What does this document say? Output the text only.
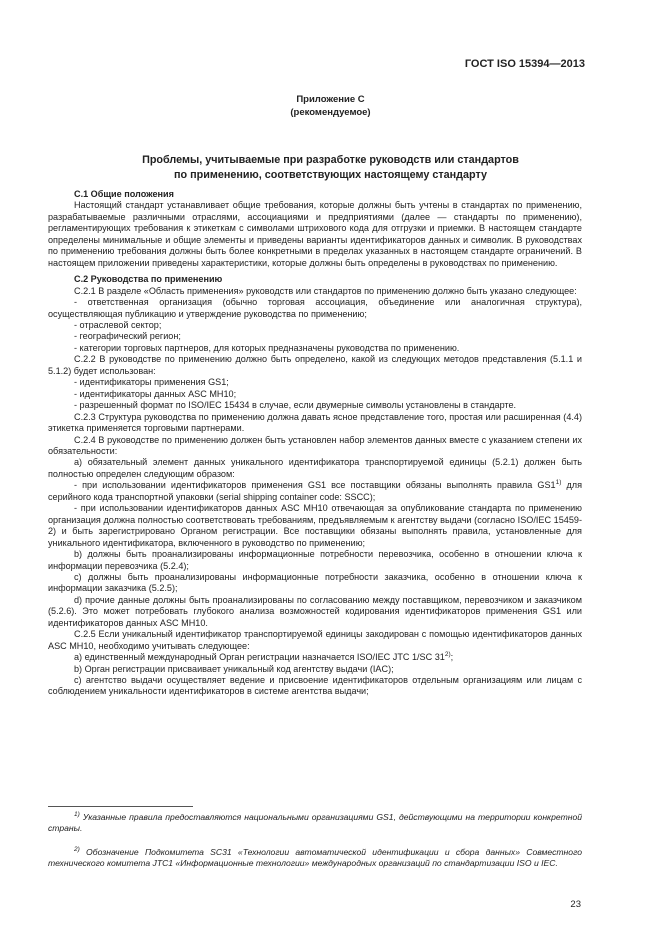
ГОСТ ISO 15394—2013
Приложение С
(рекомендуемое)
Проблемы, учитываемые при разработке руководств или стандартов
по применению, соответствующих настоящему стандарту

С.1 Общие положения

Настоящий стандарт устанавливает общие требования, которые должны быть учтены в стандартах по применению, разрабатываемые различными отраслями, ассоциациями и предприятиями (далее — стандарты по применению), регламентирующих требования к этикеткам с символами штрихового кода для отгрузки и приемки. В настоящем стандарте определены минимальные и общие элементы и приведены варианты идентификаторов данных и символик. В руководствах по применению требования должны быть более конкретными в пределах указанных в настоящем стандарте ограничений. В настоящем приложении приведены характеристики, которые должны быть определены в руководствах по применению.

С.2 Руководства по применению

С.2.1 В разделе «Область применения» руководств или стандартов по применению должно быть указано следующее:

- ответственная организация (обычно торговая ассоциация, объединение или аналогичная структура), осуществляющая публикацию и утверждение руководства по применению;

- отраслевой сектор;

- географический регион;

- категории торговых партнеров, для которых предназначены руководства по применению.

С.2.2 В руководстве по применению должно быть определено, какой из следующих методов представления (5.1.1 и 5.1.2) будет использован:

- идентификаторы применения GS1;

- идентификаторы данных ASC MH10;

- разрешенный формат по ISO/IEC 15434 в случае, если двумерные символы установлены в стандарте.

С.2.3 Структура руководства по применению должна давать ясное представление того, простая или расширенная (4.4) этикетка применяется торговыми партнерами.

С.2.4 В руководстве по применению должен быть установлен набор элементов данных вместе с указанием степени их обязательности:

а) обязательный элемент данных уникального идентификатора транспортируемой единицы (5.2.1) должен быть полностью определен следующим образом:

- при использовании идентификаторов применения GS1 все поставщики обязаны выполнять правила GS1$^{1)}$ для серийного кода транспортной упаковки (serial shipping container code: SSCC);

- при использовании идентификаторов данных ASC MH10 отвечающая за опубликование стандарта по применению организация должна полностью соответствовать требованиям, предъявляемым к агентству выдачи (согласно ISO/IEC 15459-2) и быть зарегистрировано Органом регистрации. Все поставщики обязаны выполнять правила, установленные для уникального идентификатора, включенного в руководство по применению;

b) должны быть проанализированы информационные потребности перевозчика, особенно в отношении ключа к информации перевозчика (5.2.4);

с) должны быть проанализированы информационные потребности заказчика, особенно в отношении ключа к информации заказчика (5.2.5);

d) прочие данные должны быть проанализированы по согласованию между поставщиком, перевозчиком и заказчиком (5.2.6). Это может потребовать глубокого анализа возможностей кодирования идентификаторов применения GS1 или идентификаторов данных ASC MH10.

С.2.5 Если уникальный идентификатор транспортируемой единицы закодирован с помощью идентификаторов данных ASC MH10, необходимо учитывать следующее:

а) единственный международный Орган регистрации назначается ISO/IEC JTC 1/SC 31$^{2)}$;

b) Орган регистрации присваивает уникальный код агентству выдачи (IAC);

с) агентство выдачи осуществляет ведение и присвоение идентификаторов отдельным организациям или лицам с соблюдением уникальности идентификаторов в системе агентства выдачи;

$^{1)}$ Указанные правила предоставляются национальными организациями GS1, действующими на территории конкретной страны.
$^{2)}$ Обозначение Подкомитета SC31 «Технологии автоматической идентификации и сбора данных» Совместного технического комитета JTC1 «Информационные технологии» международных организаций по стандартизации ISO и IEC.
23
